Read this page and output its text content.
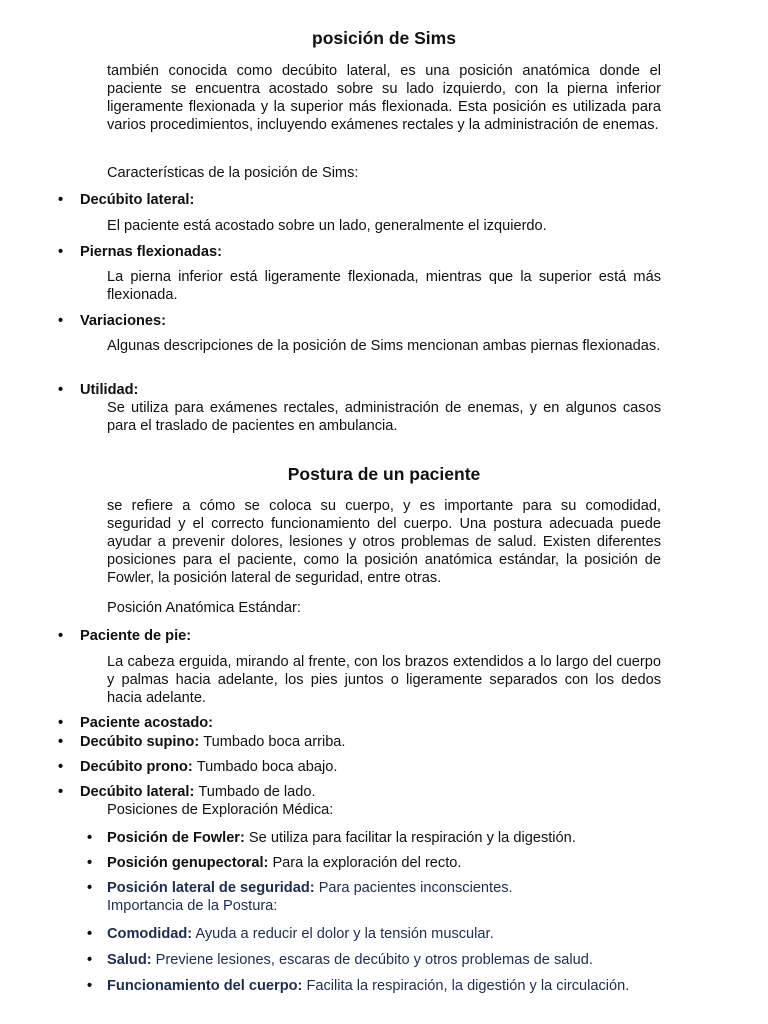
posición de Sims
también conocida como decúbito lateral, es una posición anatómica donde el paciente se encuentra acostado sobre su lado izquierdo, con la pierna inferior ligeramente flexionada y la superior más flexionada. Esta posición es utilizada para varios procedimientos, incluyendo exámenes rectales y la administración de enemas.
Características de la posición de Sims:
• Decúbito lateral:
El paciente está acostado sobre un lado, generalmente el izquierdo.
• Piernas flexionadas:
La pierna inferior está ligeramente flexionada, mientras que la superior está más flexionada.
• Variaciones:
Algunas descripciones de la posición de Sims mencionan ambas piernas flexionadas.
• Utilidad:
Se utiliza para exámenes rectales, administración de enemas, y en algunos casos para el traslado de pacientes en ambulancia.
Postura de un paciente
se refiere a cómo se coloca su cuerpo, y es importante para su comodidad, seguridad y el correcto funcionamiento del cuerpo. Una postura adecuada puede ayudar a prevenir dolores, lesiones y otros problemas de salud. Existen diferentes posiciones para el paciente, como la posición anatómica estándar, la posición de Fowler, la posición lateral de seguridad, entre otras.
Posición Anatómica Estándar:
• Paciente de pie:
La cabeza erguida, mirando al frente, con los brazos extendidos a lo largo del cuerpo y palmas hacia adelante, los pies juntos o ligeramente separados con los dedos hacia adelante.
• Paciente acostado:
• Decúbito supino: Tumbado boca arriba.
• Decúbito prono: Tumbado boca abajo.
• Decúbito lateral: Tumbado de lado.
Posiciones de Exploración Médica:
• Posición de Fowler: Se utiliza para facilitar la respiración y la digestión.
• Posición genupectoral: Para la exploración del recto.
• Posición lateral de seguridad: Para pacientes inconscientes.
Importancia de la Postura:
• Comodidad: Ayuda a reducir el dolor y la tensión muscular.
• Salud: Previene lesiones, escaras de decúbito y otros problemas de salud.
• Funcionamiento del cuerpo: Facilita la respiración, la digestión y la circulación.
